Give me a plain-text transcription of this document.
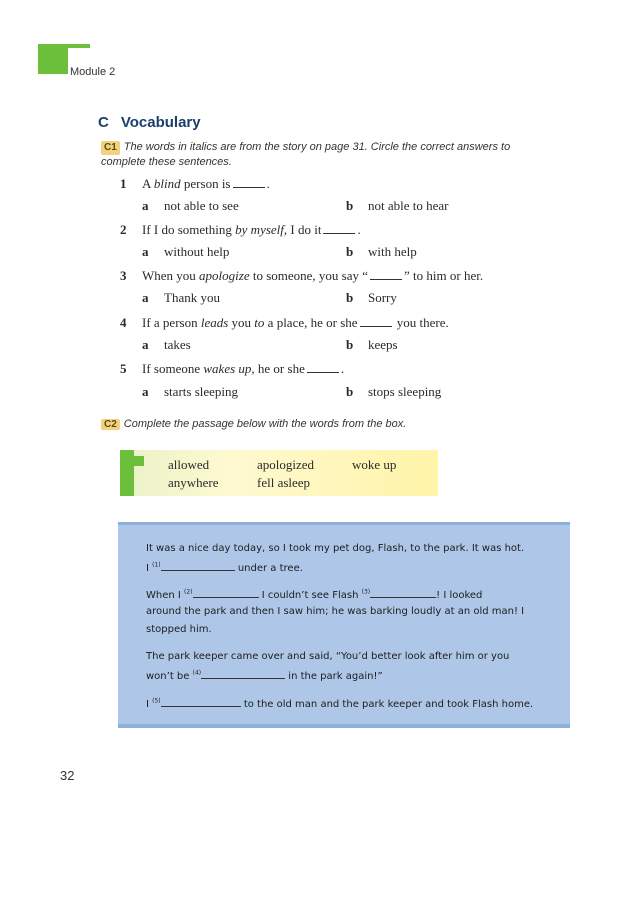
Module 2
C Vocabulary
C1 The words in italics are from the story on page 31. Circle the correct answers to
complete these sentences.
1 A blind person is	.
a not able to see	b not able to hear
2 If I do something by myself, I do it	.
a without help	b with help
3 When you apologize to someone, you say “	” to him or her.
a Thank you	b Sorry
4 If a person leads you to a place, he or she	you there.
a takes	b keeps
5 If someone wakes up, he or she	.
a starts sleeping	b stops sleeping
C2 Complete the passage below with the words from the box.
allowed	apologized	woke up
anywhere	fell asleep
It was a nice day today, so I took my pet dog, Flash, to the park. It was hot.
I $^{(1)}$	under a tree.
When I $^{(2)}$	I couldn’t see Flash $^{(3)}$	! I looked
around the park and then I saw him; he was barking loudly at an old man! I
stopped him.
The park keeper came over and said, “You’d better look after him or you
won’t be $^{(4)}$	in the park again!”
I $^{(5)}$	to the old man and the park keeper and took Flash home.
32
